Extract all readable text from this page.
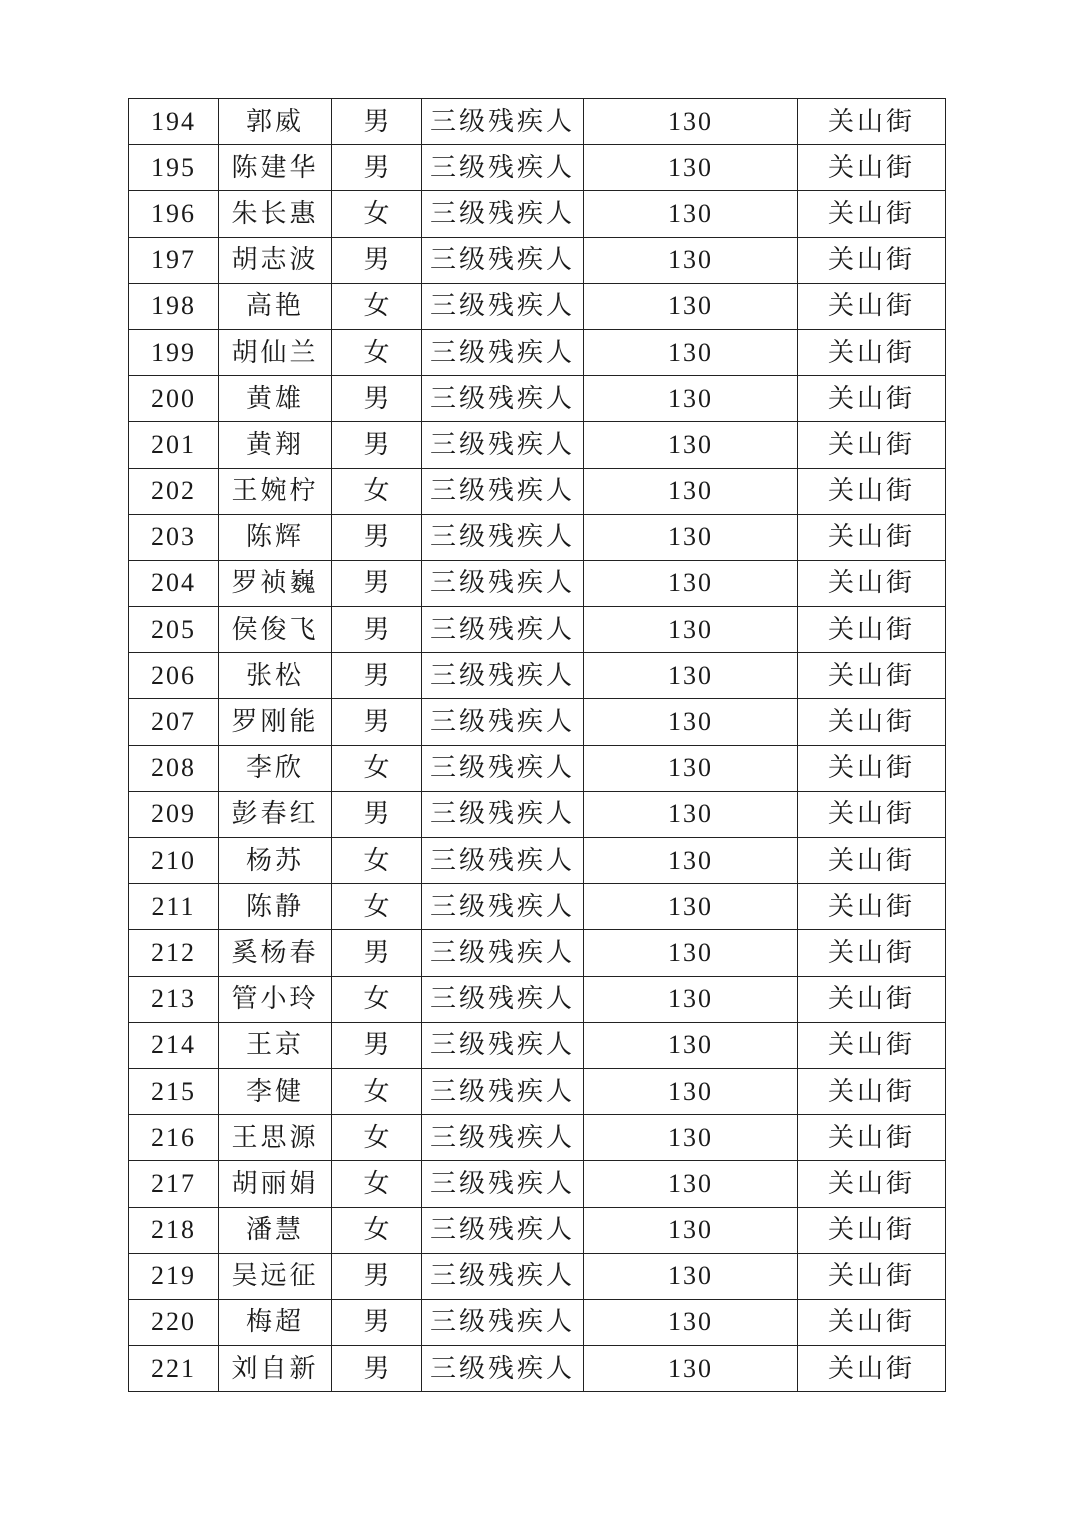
194	郭威	男	三级残疾人	130	关山街
195	陈建华	男	三级残疾人	130	关山街
196	朱长惠	女	三级残疾人	130	关山街
197	胡志波	男	三级残疾人	130	关山街
198	高艳	女	三级残疾人	130	关山街
199	胡仙兰	女	三级残疾人	130	关山街
200	黄雄	男	三级残疾人	130	关山街
201	黄翔	男	三级残疾人	130	关山街
202	王婉柠	女	三级残疾人	130	关山街
203	陈辉	男	三级残疾人	130	关山街
204	罗祯巍	男	三级残疾人	130	关山街
205	侯俊飞	男	三级残疾人	130	关山街
206	张松	男	三级残疾人	130	关山街
207	罗刚能	男	三级残疾人	130	关山街
208	李欣	女	三级残疾人	130	关山街
209	彭春红	男	三级残疾人	130	关山街
210	杨苏	女	三级残疾人	130	关山街
211	陈静	女	三级残疾人	130	关山街
212	奚杨春	男	三级残疾人	130	关山街
213	管小玲	女	三级残疾人	130	关山街
214	王京	男	三级残疾人	130	关山街
215	李健	女	三级残疾人	130	关山街
216	王思源	女	三级残疾人	130	关山街
217	胡丽娟	女	三级残疾人	130	关山街
218	潘慧	女	三级残疾人	130	关山街
219	吴远征	男	三级残疾人	130	关山街
220	梅超	男	三级残疾人	130	关山街
221	刘自新	男	三级残疾人	130	关山街
